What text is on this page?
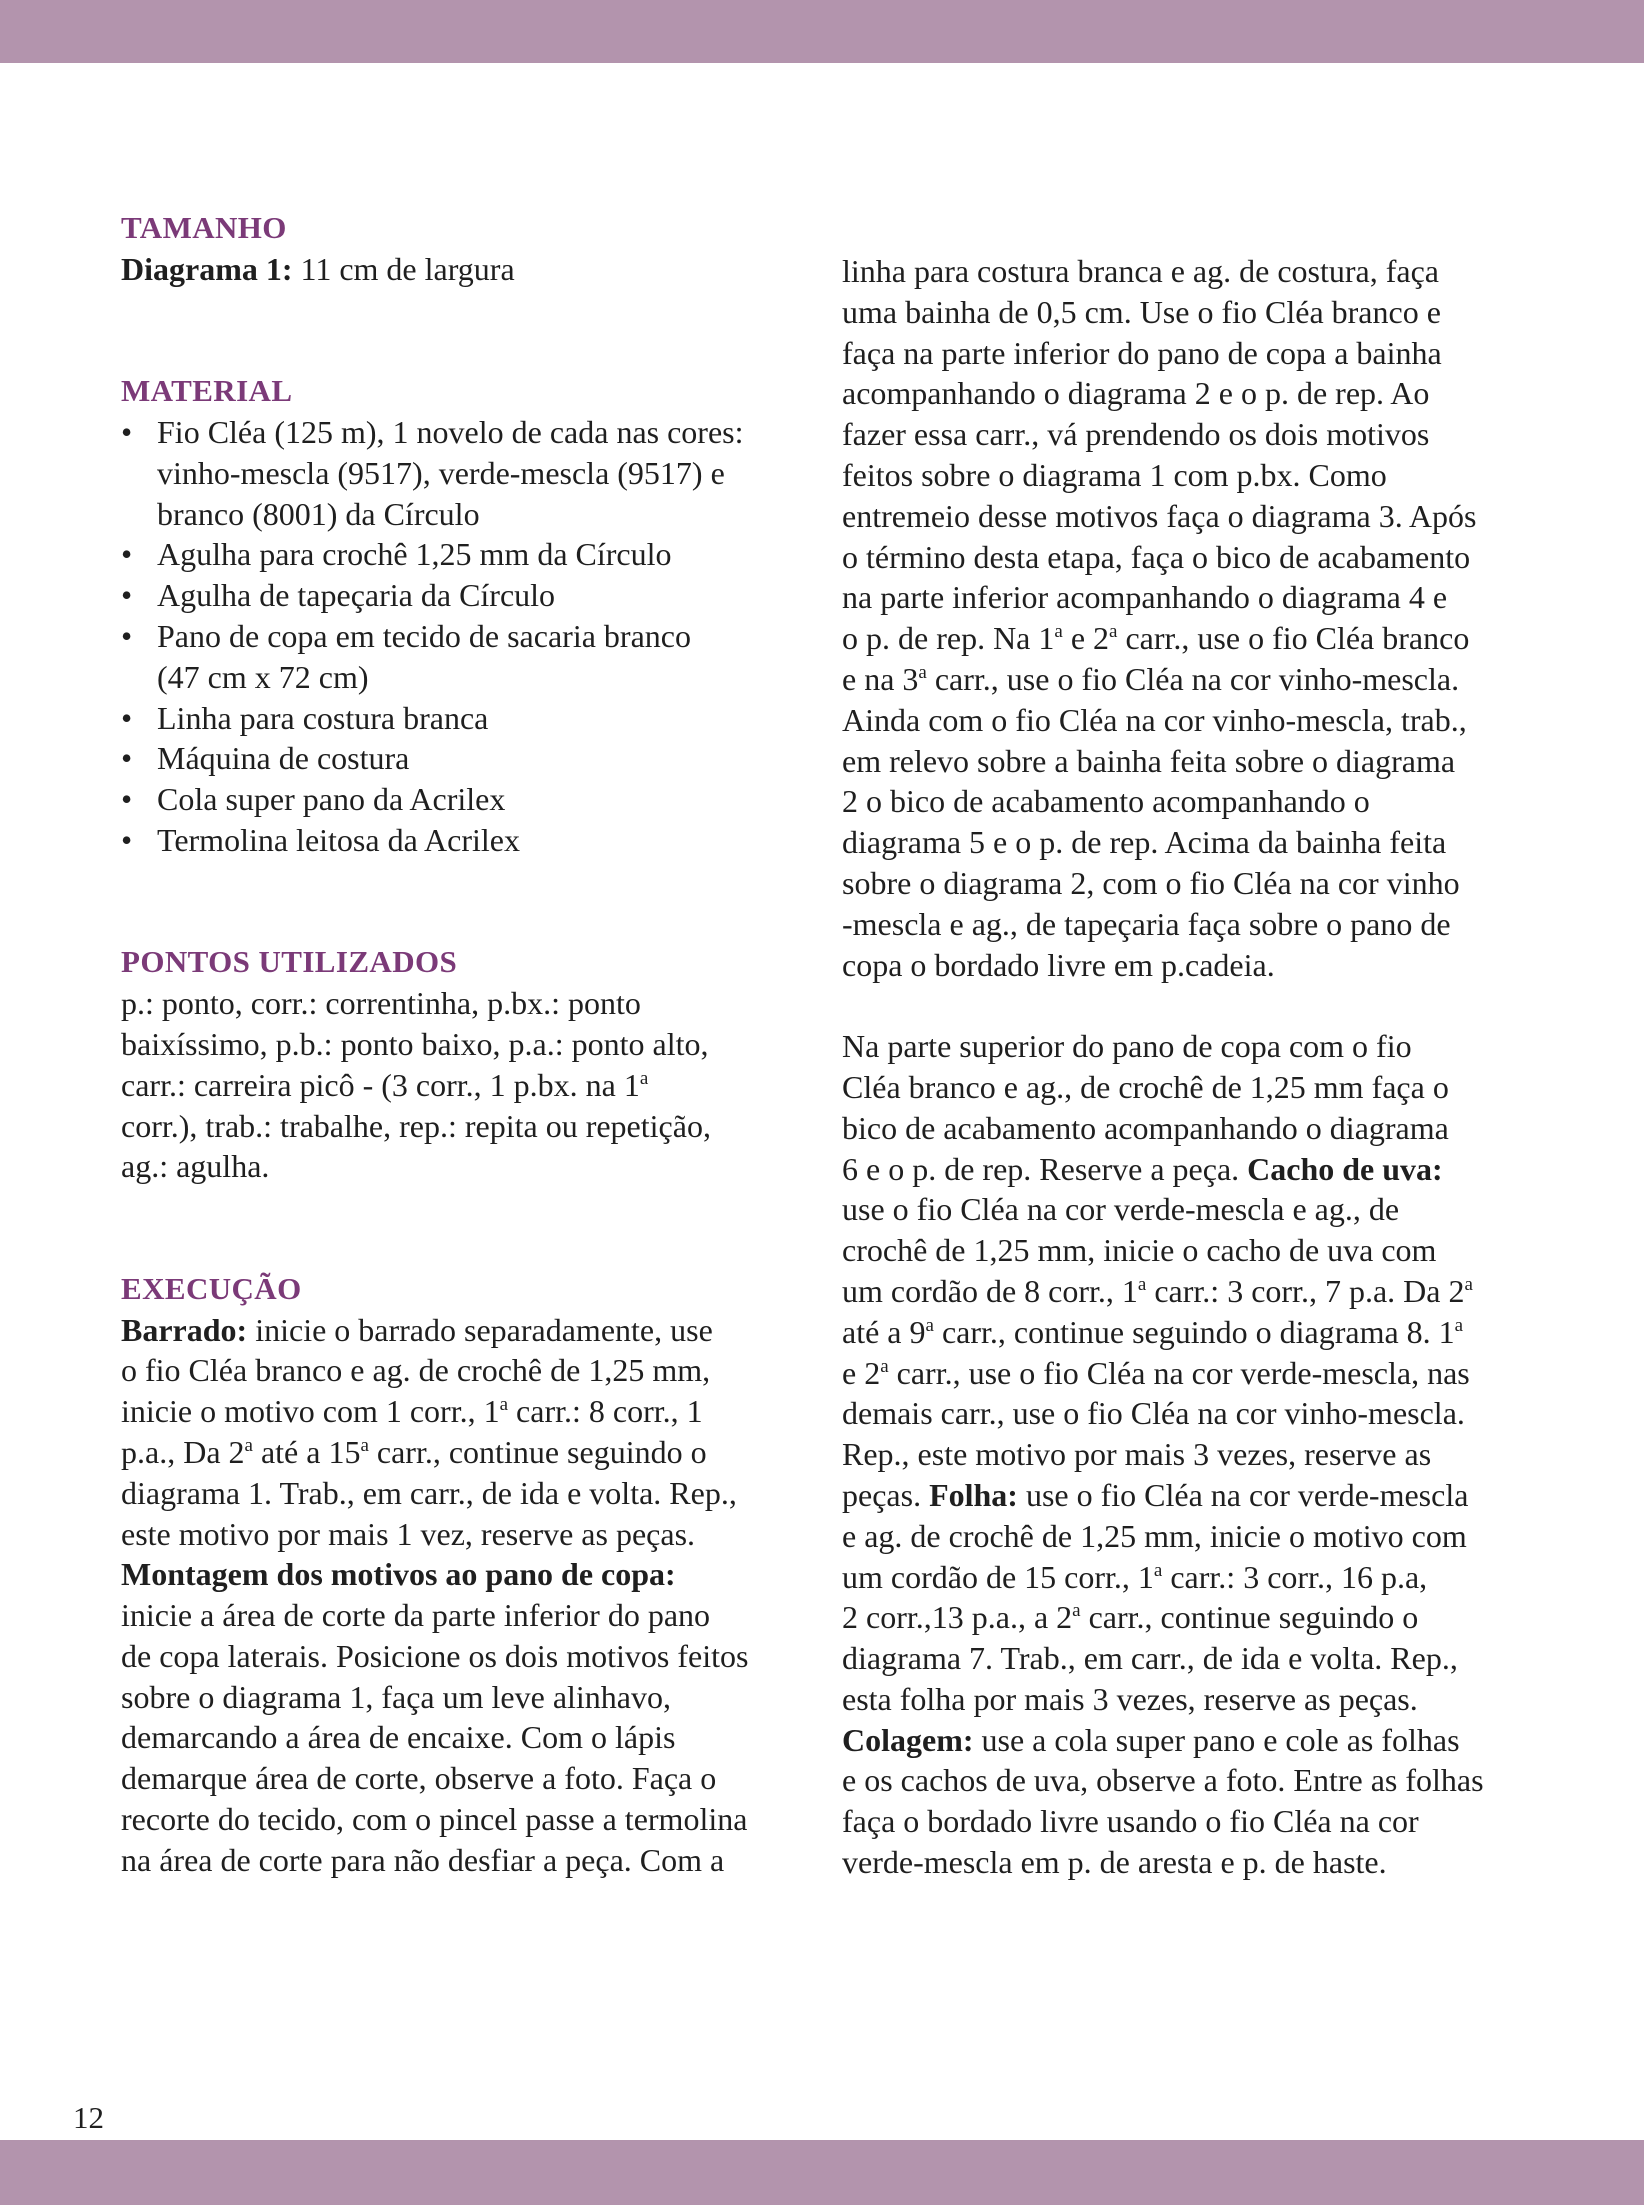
TAMANHO
Diagrama 1: 11 cm de largura
MATERIAL
• Fio Cléa (125 m), 1 novelo de cada nas cores:
vinho-mescla (9517), verde-mescla (9517) e
branco (8001) da Círculo
• Agulha para crochê 1,25 mm da Círculo
• Agulha de tapeçaria da Círculo
• Pano de copa em tecido de sacaria branco
(47 cm x 72 cm)
• Linha para costura branca
• Máquina de costura
• Cola super pano da Acrilex
• Termolina leitosa da Acrilex
PONTOS UTILIZADOS
p.: ponto, corr.: correntinha, p.bx.: ponto
baixíssimo, p.b.: ponto baixo, p.a.: ponto alto,
carr.: carreira picô - (3 corr., 1 p.bx. na 1$^a$
corr.), trab.: trabalhe, rep.: repita ou repetição,
ag.: agulha.
EXECUÇÃO
Barrado: inicie o barrado separadamente, use
o fio Cléa branco e ag. de crochê de 1,25 mm,
inicie o motivo com 1 corr., 1$^a$ carr.: 8 corr., 1
p.a., Da 2$^a$ até a 15$^a$ carr., continue seguindo o
diagrama 1. Trab., em carr., de ida e volta. Rep.,
este motivo por mais 1 vez, reserve as peças.
Montagem dos motivos ao pano de copa:
inicie a área de corte da parte inferior do pano
de copa laterais. Posicione os dois motivos feitos
sobre o diagrama 1, faça um leve alinhavo,
demarcando a área de encaixe. Com o lápis
demarque área de corte, observe a foto. Faça o
recorte do tecido, com o pincel passe a termolina
na área de corte para não desfiar a peça. Com a
linha para costura branca e ag. de costura, faça
uma bainha de 0,5 cm. Use o fio Cléa branco e
faça na parte inferior do pano de copa a bainha
acompanhando o diagrama 2 e o p. de rep. Ao
fazer essa carr., vá prendendo os dois motivos
feitos sobre o diagrama 1 com p.bx. Como
entremeio desse motivos faça o diagrama 3. Após
o término desta etapa, faça o bico de acabamento
na parte inferior acompanhando o diagrama 4 e
o p. de rep. Na 1$^a$ e 2$^a$ carr., use o fio Cléa branco
e na 3$^a$ carr., use o fio Cléa na cor vinho-mescla.
Ainda com o fio Cléa na cor vinho-mescla, trab.,
em relevo sobre a bainha feita sobre o diagrama
2 o bico de acabamento acompanhando o
diagrama 5 e o p. de rep. Acima da bainha feita
sobre o diagrama 2, com o fio Cléa na cor vinho
-mescla e ag., de tapeçaria faça sobre o pano de
copa o bordado livre em p.cadeia.
Na parte superior do pano de copa com o fio
Cléa branco e ag., de crochê de 1,25 mm faça o
bico de acabamento acompanhando o diagrama
6 e o p. de rep. Reserve a peça. Cacho de uva:
use o fio Cléa na cor verde-mescla e ag., de
crochê de 1,25 mm, inicie o cacho de uva com
um cordão de 8 corr., 1$^a$ carr.: 3 corr., 7 p.a. Da 2$^a$
até a 9$^a$ carr., continue seguindo o diagrama 8. 1$^a$
e 2$^a$ carr., use o fio Cléa na cor verde-mescla, nas
demais carr., use o fio Cléa na cor vinho-mescla.
Rep., este motivo por mais 3 vezes, reserve as
peças. Folha: use o fio Cléa na cor verde-mescla
e ag. de crochê de 1,25 mm, inicie o motivo com
um cordão de 15 corr., 1$^a$ carr.: 3 corr., 16 p.a,
2 corr.,13 p.a., a 2$^a$ carr., continue seguindo o
diagrama 7. Trab., em carr., de ida e volta. Rep.,
esta folha por mais 3 vezes, reserve as peças.
Colagem: use a cola super pano e cole as folhas
e os cachos de uva, observe a foto. Entre as folhas
faça o bordado livre usando o fio Cléa na cor
verde-mescla em p. de aresta e p. de haste.
12
